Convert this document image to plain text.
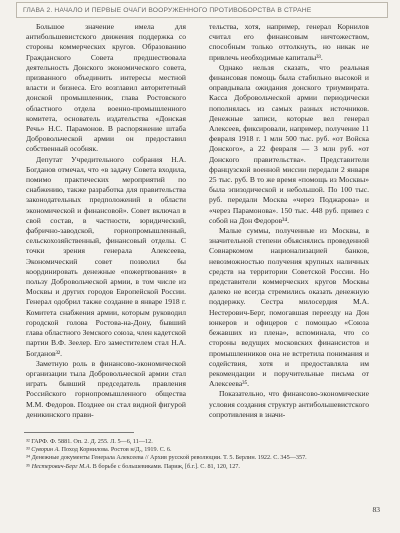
ГЛАВА 2. НАЧАЛО И ПЕРВЫЕ ОЧАГИ ВООРУЖЕННОГО ПРОТИВОБОРСТВА В СТРАНЕ

Большое значение имела для антибольшевистского движения поддержка со стороны коммерческих кругов. Образованию Гражданского Совета предшествовала деятельность Донского экономического совета, призванного объединить интересы местной власти и бизнеса. Его возглавил авторитетный донской промышленник, глава Ростовского областного отдела военно-промышленного комитета, основатель издательства «Донская Речь» Н.С. Парамонов. В распоряжение штаба Добровольческой армии он предоставил собственный особняк.

Депутат Учредительного собрания Н.А. Богданов отмечал, что «в задачу Совета входила, помимо практических мероприятий по снабжению, также разработка для правительства законодательных предположений в области экономической и финансовой». Совет включал в свой состав, в частности, юридический, фабрично-заводской, горнопромышленный, сельскохозяйственный, финансовый отделы. С точки зрения генерала Алексеева, Экономический совет позволил бы координировать денежные «пожертвования» в пользу Добровольческой армии, в том числе из Москвы и других городов Европейской России. Генерал одобрил также создание в январе 1918 г. Комитета снабжения армии, которым руководил городской голова Ростова-на-Дону, бывший глава областного Земского союза, член кадетской партии В.Ф. Зеелер. Его заместителем стал Н.А. Богданов³².

Заметную роль в финансово-экономической организации тыла Добровольческой армии стал играть бывший председатель правления Российского горнопромышленного общества М.М. Федоров. Позднее он стал видной фигурой деникинского прави-

тельства, хотя, например, генерал Корнилов считал его финансовым ничтожеством, способным только оттолкнуть, но никак не привлечь необходимые капиталы³³.

Однако нельзя сказать, что реальная финансовая помощь была стабильно высокой и оправдывала ожидания донского триумвирата. Касса Добровольческой армии периодически пополнялась из самых разных источников. Денежные записи, которые вел генерал Алексеев, фиксировали, например, получение 11 февраля 1918 г. 1 млн 500 тыс. руб. «от Войска Донского», а 22 февраля — 3 млн руб. «от Донского правительства». Представители французской военной миссии передали 2 января 25 тыс. руб. В то же время «помощь из Москвы» была эпизодической и небольшой. По 100 тыс. руб. передали Москва «через Поджарова» и «через Парамонова». 150 тыс. 448 руб. привез с собой на Дон Федоров³⁴.

Малые суммы, полученные из Москвы, в значительной степени объяснялись проведенной Совнаркомом национализацией банков, невозможностью получения крупных наличных средств на территории Советской России. Но представители коммерческих кругов Москвы далеко не всегда стремились оказать денежную поддержку. Сестра милосердия М.А. Нестерович-Берг, помогавшая переезду на Дон юнкеров и офицеров с помощью «Союза бежавших из плена», вспоминала, что со стороны ведущих московских финансистов и промышленников она не встретила понимания и содействия, хотя и предоставляла им рекомендации и поручительные письма от Алексеева³⁵.

Показательно, что финансово-экономические условия создания структур антибольшевистского сопротивления в значи-

³² ГАРФ. Ф. 5881. Оп. 2. Д. 255. Л. 5—6, 11—12.
³³ Суворин А. Поход Корнилова. Ростов н/Д., 1919. С. 6.
³⁴ Денежные документы Генерала Алексеева // Архив русской революции. Т. 5. Берлин. 1922. С. 345—357.
³⁵ Нестерович-Берг М.А. В борьбе с большевиками. Париж, [б.г.]. С. 81, 120, 127.
83
